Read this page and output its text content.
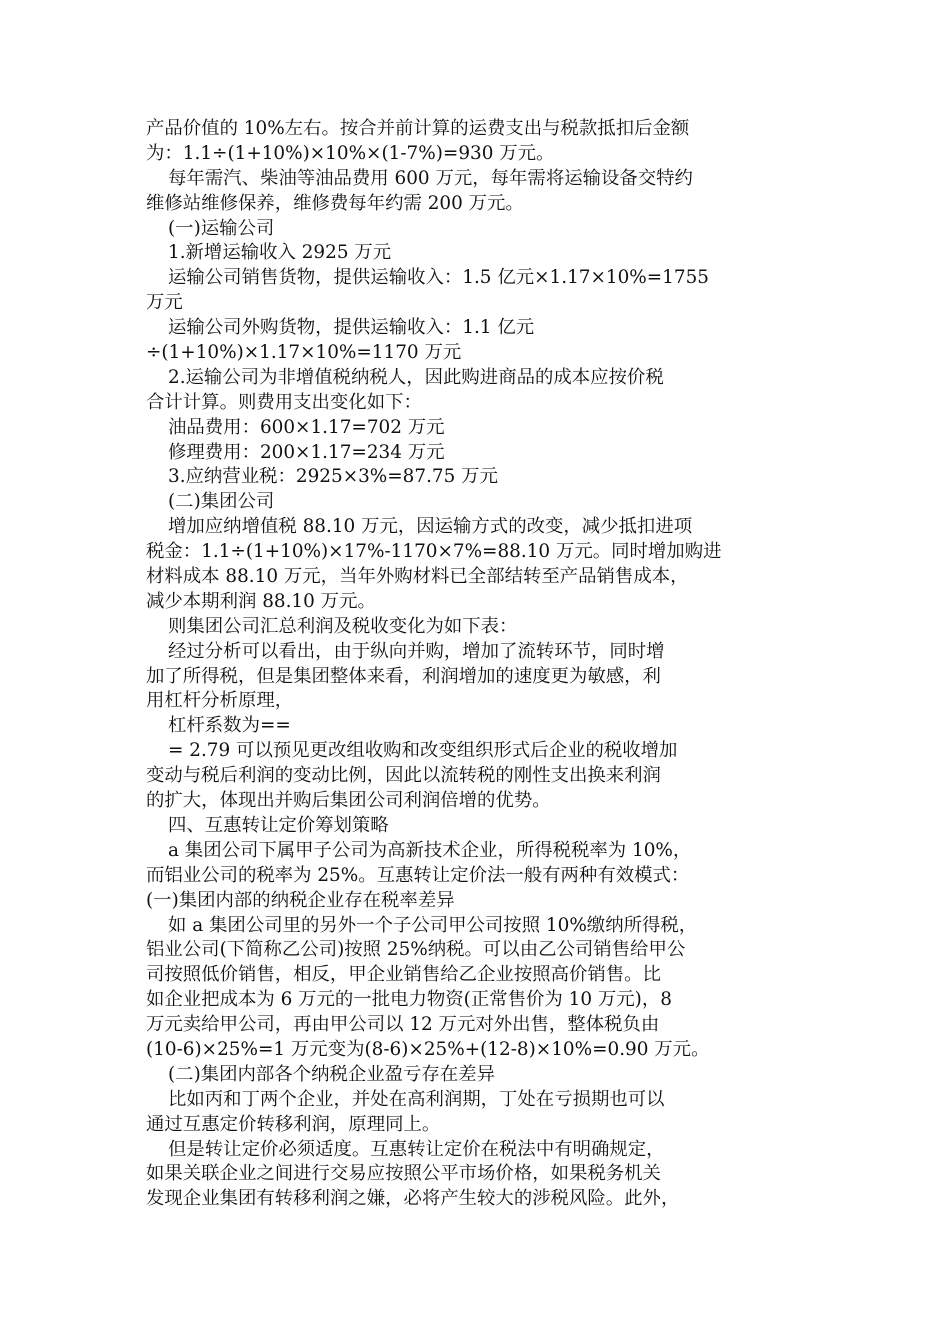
产品价值的 10%左右。按合并前计算的运费支出与税款抵扣后金额
为：1.1÷(1+10%)×10%×(1-7%)=930 万元。
每年需汽、柴油等油品费用 600 万元，每年需将运输设备交特约
维修站维修保养，维修费每年约需 200 万元。
(一)运输公司
1.新增运输收入 2925 万元
运输公司销售货物，提供运输收入：1.5 亿元×1.17×10%=1755
万元
运输公司外购货物，提供运输收入：1.1 亿元
÷(1+10%)×1.17×10%=1170 万元
2.运输公司为非增值税纳税人，因此购进商品的成本应按价税
合计计算。则费用支出变化如下：
油品费用：600×1.17=702 万元
修理费用：200×1.17=234 万元
3.应纳营业税：2925×3%=87.75 万元
(二)集团公司
增加应纳增值税 88.10 万元，因运输方式的改变，减少抵扣进项
税金：1.1÷(1+10%)×17%-1170×7%=88.10 万元。同时增加购进
材料成本 88.10 万元，当年外购材料已全部结转至产品销售成本，
减少本期利润 88.10 万元。
则集团公司汇总利润及税收变化为如下表：
经过分析可以看出，由于纵向并购，增加了流转环节，同时增
加了所得税，但是集团整体来看，利润增加的速度更为敏感，利
用杠杆分析原理，
杠杆系数为==
= 2.79 可以预见更改组收购和改变组织形式后企业的税收增加
变动与税后利润的变动比例，因此以流转税的刚性支出换来利润
的扩大，体现出并购后集团公司利润倍增的优势。
四、互惠转让定价筹划策略
a 集团公司下属甲子公司为高新技术企业，所得税税率为 10%，
而铝业公司的税率为 25%。互惠转让定价法一般有两种有效模式：
(一)集团内部的纳税企业存在税率差异
如 a 集团公司里的另外一个子公司甲公司按照 10%缴纳所得税，
铝业公司(下简称乙公司)按照 25%纳税。可以由乙公司销售给甲公
司按照低价销售，相反，甲企业销售给乙企业按照高价销售。比
如企业把成本为 6 万元的一批电力物资(正常售价为 10 万元)，8
万元卖给甲公司，再由甲公司以 12 万元对外出售，整体税负由
(10-6)×25%=1 万元变为(8-6)×25%+(12-8)×10%=0.90 万元。
(二)集团内部各个纳税企业盈亏存在差异
比如丙和丁两个企业，并处在高利润期，丁处在亏损期也可以
通过互惠定价转移利润，原理同上。
但是转让定价必须适度。互惠转让定价在税法中有明确规定，
如果关联企业之间进行交易应按照公平市场价格，如果税务机关
发现企业集团有转移利润之嫌，必将产生较大的涉税风险。此外，
